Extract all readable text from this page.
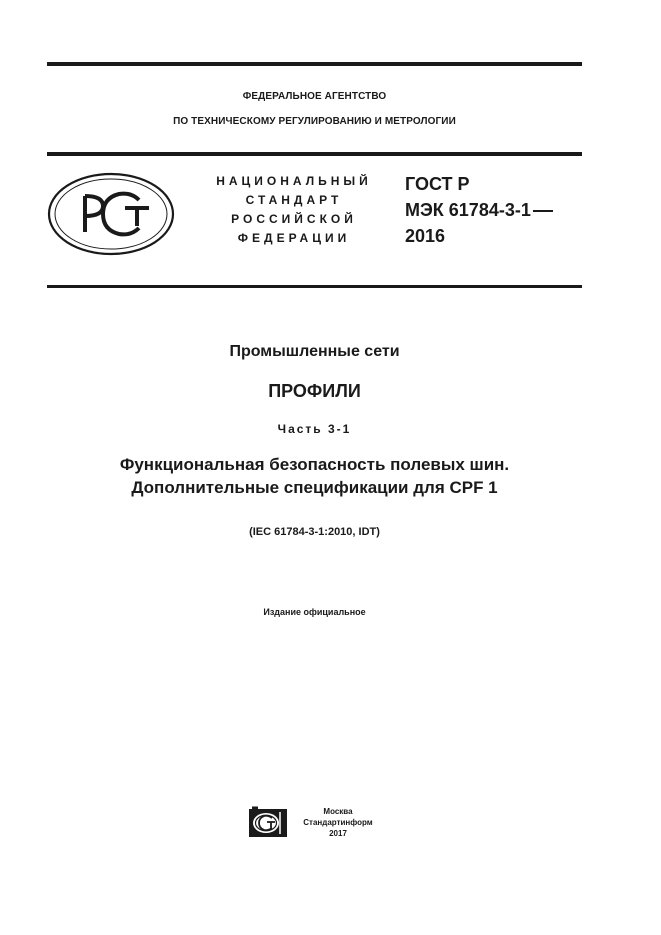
ФЕДЕРАЛЬНОЕ АГЕНТСТВО
ПО ТЕХНИЧЕСКОМУ РЕГУЛИРОВАНИЮ И МЕТРОЛОГИИ
НАЦИОНАЛЬНЫЙ
СТАНДАРТ
РОССИЙСКОЙ
ФЕДЕРАЦИИ
ГОСТ Р
МЭК 61784-3-1
2016
Промышленные сети
ПРОФИЛИ
Часть 3-1
Функциональная безопасность полевых шин.
Дополнительные спецификации для CPF 1
(IEC 61784-3-1:2010, IDT)
Издание официальное
Москва
Стандартинформ
2017
